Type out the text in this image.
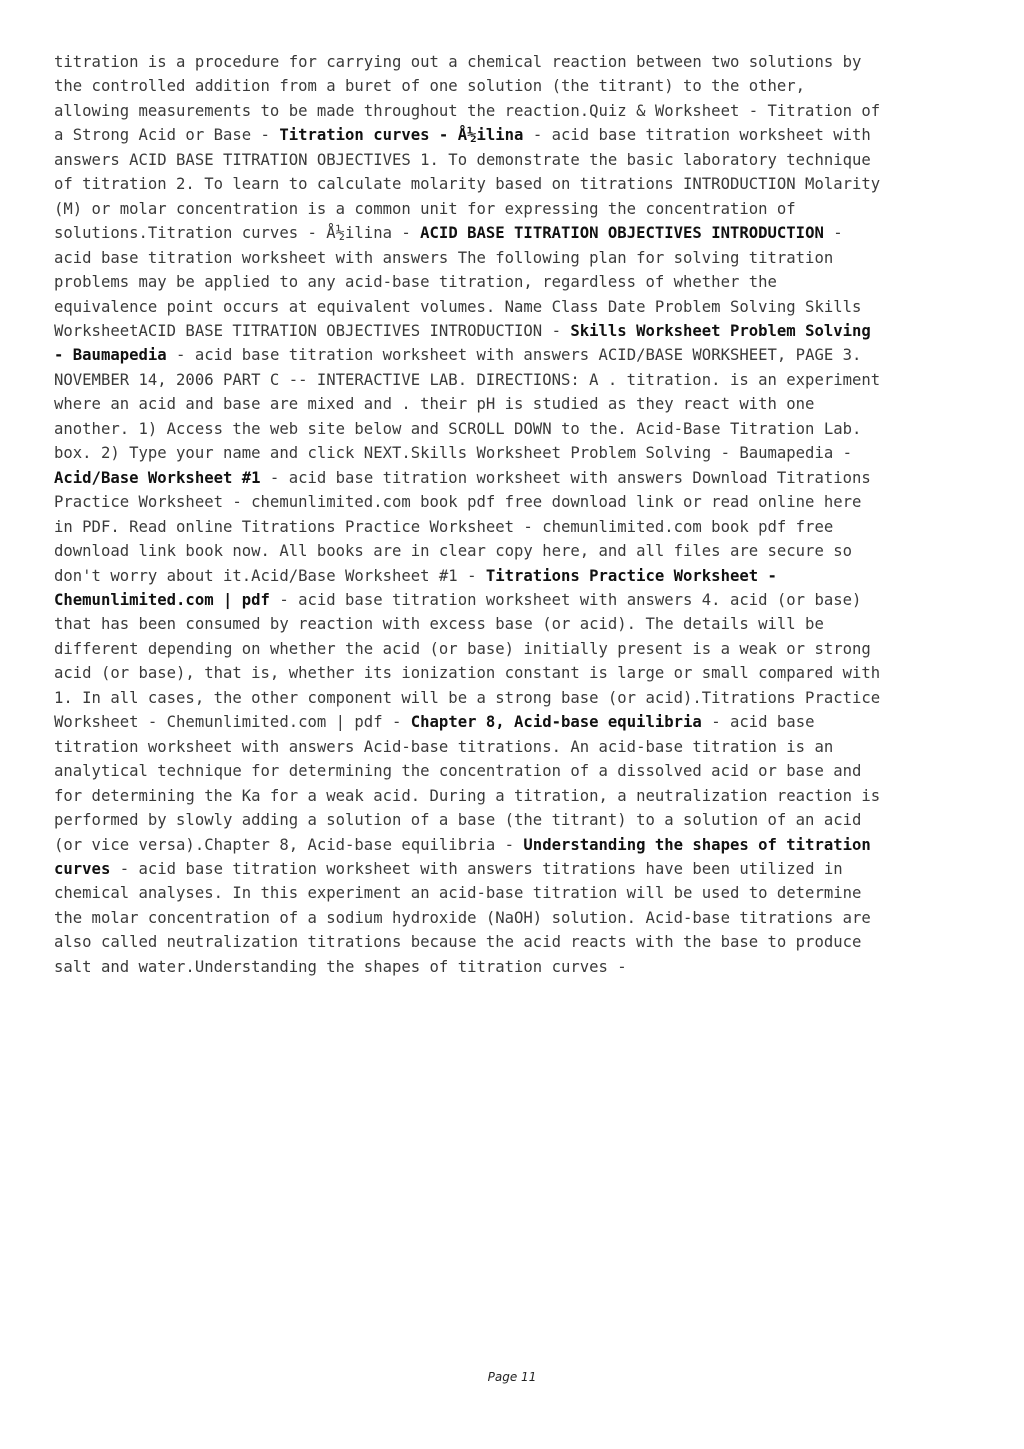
titration is a procedure for carrying out a chemical reaction between two solutions by
the controlled addition from a buret of one solution (the titrant) to the other,
allowing measurements to be made throughout the reaction.Quiz & Worksheet - Titration of
a Strong Acid or Base - Titration curves - Å½ilina - acid base titration worksheet with
answers ACID BASE TITRATION OBJECTIVES 1. To demonstrate the basic laboratory technique
of titration 2. To learn to calculate molarity based on titrations INTRODUCTION Molarity
(M) or molar concentration is a common unit for expressing the concentration of
solutions.Titration curves - Å½ilina - ACID BASE TITRATION OBJECTIVES INTRODUCTION -
acid base titration worksheet with answers The following plan for solving titration
problems may be applied to any acid-base titration, regardless of whether the
equivalence point occurs at equivalent volumes. Name Class Date Problem Solving Skills
WorksheetACID BASE TITRATION OBJECTIVES INTRODUCTION - Skills Worksheet Problem Solving
- Baumapedia - acid base titration worksheet with answers ACID/BASE WORKSHEET, PAGE 3.
NOVEMBER 14, 2006 PART C -- INTERACTIVE LAB. DIRECTIONS: A . titration. is an experiment
where an acid and base are mixed and . their pH is studied as they react with one
another. 1) Access the web site below and SCROLL DOWN to the. Acid-Base Titration Lab.
box. 2) Type your name and click NEXT.Skills Worksheet Problem Solving - Baumapedia -
Acid/Base Worksheet #1 - acid base titration worksheet with answers Download Titrations
Practice Worksheet - chemunlimited.com book pdf free download link or read online here
in PDF. Read online Titrations Practice Worksheet - chemunlimited.com book pdf free
download link book now. All books are in clear copy here, and all files are secure so
don't worry about it.Acid/Base Worksheet #1 - Titrations Practice Worksheet -
Chemunlimited.com | pdf - acid base titration worksheet with answers 4. acid (or base)
that has been consumed by reaction with excess base (or acid). The details will be
different depending on whether the acid (or base) initially present is a weak or strong
acid (or base), that is, whether its ionization constant is large or small compared with
1. In all cases, the other component will be a strong base (or acid).Titrations Practice
Worksheet - Chemunlimited.com | pdf - Chapter 8, Acid-base equilibria - acid base
titration worksheet with answers Acid-base titrations. An acid-base titration is an
analytical technique for determining the concentration of a dissolved acid or base and
for determining the Ka for a weak acid. During a titration, a neutralization reaction is
performed by slowly adding a solution of a base (the titrant) to a solution of an acid
(or vice versa).Chapter 8, Acid-base equilibria - Understanding the shapes of titration
curves - acid base titration worksheet with answers titrations have been utilized in
chemical analyses. In this experiment an acid-base titration will be used to determine
the molar concentration of a sodium hydroxide (NaOH) solution. Acid-base titrations are
also called neutralization titrations because the acid reacts with the base to produce
salt and water.Understanding the shapes of titration curves -
Page 11
